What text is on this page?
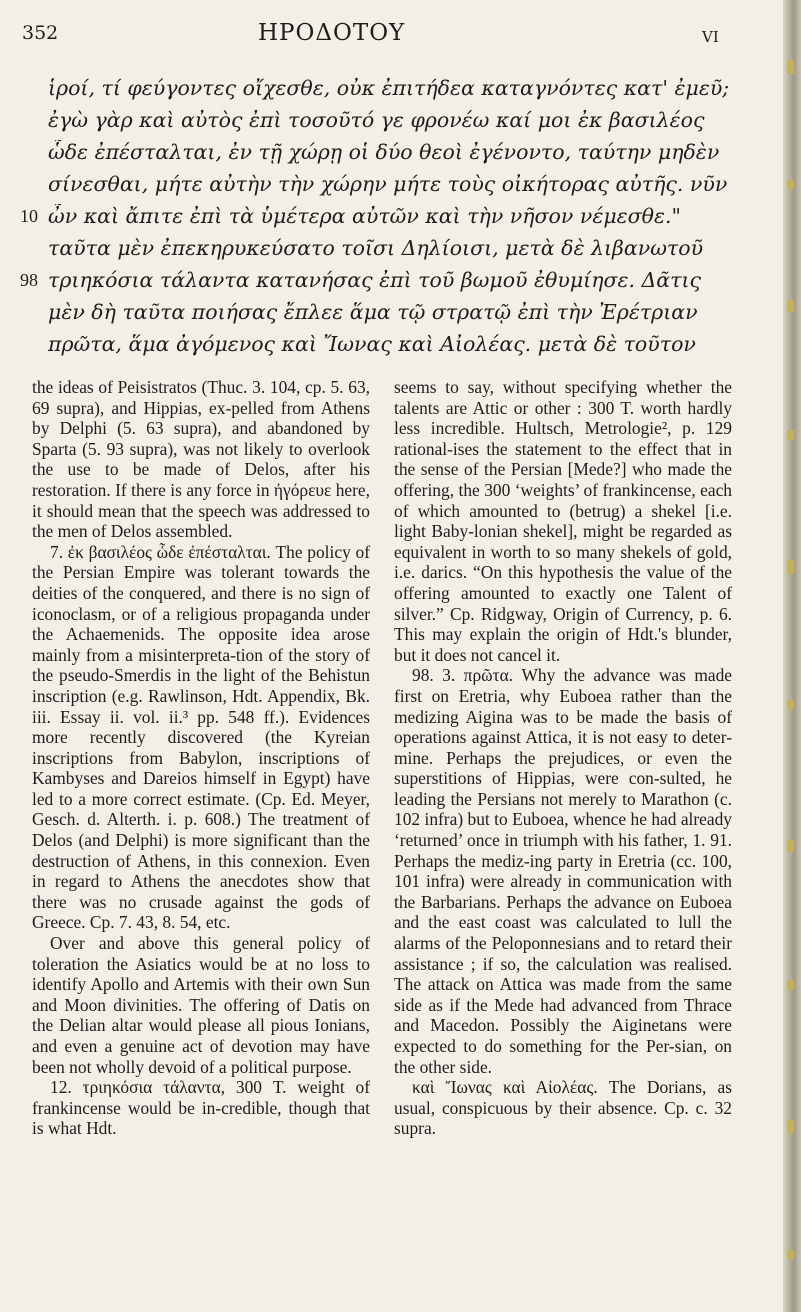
352	HPOΔOTOY	VI

ἱροί, τί φεύγοντες οἴχεσθε, οὐκ ἐπιτήδεα καταγνόντες κατ' ἐμεῦ;

ἐγὼ γὰρ καὶ αὐτὸς ἐπὶ τοσοῦτό γε φρονέω καί μοι ἐκ βασιλέος

ὧδε ἐπέσταλται, ἐν τῇ χώρῃ οἱ δύο θεοὶ ἐγένοντο, ταύτην μηδὲν

σίνεσθαι, μήτε αὐτὴν τὴν χώρην μήτε τοὺς οἰκήτορας αὐτῆς. νῦν

10 ὦν καὶ ἄπιτε ἐπὶ τὰ ὑμέτερα αὐτῶν καὶ τὴν νῆσον νέμεσθε."

ταῦτα μὲν ἐπεκηρυκεύσατο τοῖσι Δηλίοισι, μετὰ δὲ λιβανωτοῦ

98 τριηκόσια τάλαντα κατανήσας ἐπὶ τοῦ βωμοῦ ἐθυμίησε. Δᾶτις

μὲν δὴ ταῦτα ποιήσας ἔπλεε ἅμα τῷ στρατῷ ἐπὶ τὴν Ἐρέτριαν

πρῶτα, ἅμα ἀγόμενος καὶ Ἴωνας καὶ Αἰολέας. μετὰ δὲ τοῦτον

the ideas of Peisistratos (Thuc. 3. 104, cp. 5. 63, 69 supra), and Hippias, ex-pelled from Athens by Delphi (5. 63 supra), and abandoned by Sparta (5. 93 supra), was not likely to overlook the use to be made of Delos, after his restoration. If there is any force in ἠγόρευε here, it should mean that the speech was addressed to the men of Delos assembled.

7. ἐκ βασιλέος ὧδε ἐπέσταλται. The policy of the Persian Empire was tolerant towards the deities of the conquered, and there is no sign of iconoclasm, or of a religious propaganda under the Achaemenids. The opposite idea arose mainly from a misinterpreta-tion of the story of the pseudo-Smerdis in the light of the Behistun inscription (e.g. Rawlinson, Hdt. Appendix, Bk. iii. Essay ii. vol. ii.³ pp. 548 ff.). Evidences more recently discovered (the Kyreian inscriptions from Babylon, inscriptions of Kambyses and Dareios himself in Egypt) have led to a more correct estimate. (Cp. Ed. Meyer, Gesch. d. Alterth. i. p. 608.) The treatment of Delos (and Delphi) is more significant than the destruction of Athens, in this connexion. Even in regard to Athens the anecdotes show that there was no crusade against the gods of Greece. Cp. 7. 43, 8. 54, etc.

Over and above this general policy of toleration the Asiatics would be at no loss to identify Apollo and Artemis with their own Sun and Moon divinities. The offering of Datis on the Delian altar would please all pious Ionians, and even a genuine act of devotion may have been not wholly devoid of a political purpose.

12. τριηκόσια τάλαντα, 300 T. weight of frankincense would be in-credible, though that is what Hdt.

seems to say, without specifying whether the talents are Attic or other : 300 T. worth hardly less incredible. Hultsch, Metrologie², p. 129 rational-ises the statement to the effect that in the sense of the Persian [Mede?] who made the offering, the 300 ‘weights’ of frankincense, each of which amounted to (betrug) a shekel [i.e. light Baby-lonian shekel], might be regarded as equivalent in worth to so many shekels of gold, i.e. darics. “On this hypothesis the value of the offering amounted to exactly one Talent of silver.” Cp. Ridgway, Origin of Currency, p. 6. This may explain the origin of Hdt.'s blunder, but it does not cancel it.

98. 3. πρῶτα. Why the advance was made first on Eretria, why Euboea rather than the medizing Aigina was to be made the basis of operations against Attica, it is not easy to deter-mine. Perhaps the prejudices, or even the superstitions of Hippias, were con-sulted, he leading the Persians not merely to Marathon (c. 102 infra) but to Euboea, whence he had already ‘returned’ once in triumph with his father, 1. 91. Perhaps the mediz-ing party in Eretria (cc. 100, 101 infra) were already in communication with the Barbarians. Perhaps the advance on Euboea and the east coast was calculated to lull the alarms of the Peloponnesians and to retard their assistance ; if so, the calculation was realised. The attack on Attica was made from the same side as if the Mede had advanced from Thrace and Macedon. Possibly the Aiginetans were expected to do something for the Per-sian, on the other side.

καὶ Ἴωνας καὶ Αἰολέας. The Dorians, as usual, conspicuous by their absence. Cp. c. 32 supra.
